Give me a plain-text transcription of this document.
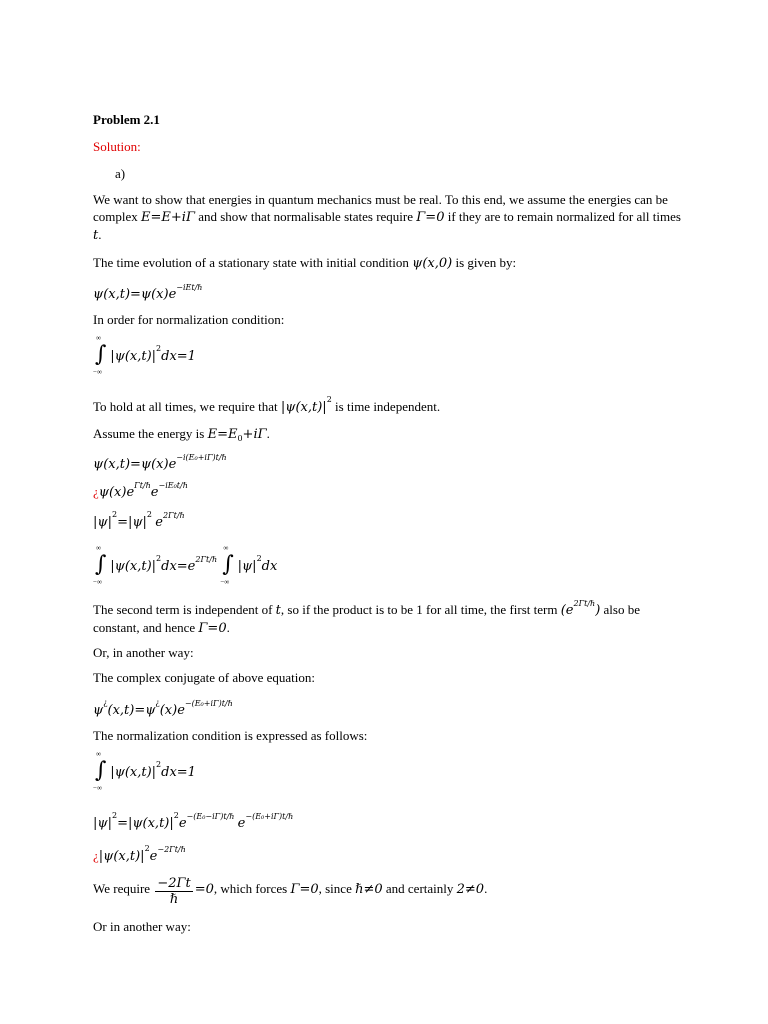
Problem 2.1

Solution:

a)

We want to show that energies in quantum mechanics must be real. To this end, we assume the energies can be complex E=E+iΓ and show that normalisable states require Γ=0 if they are to remain normalized for all times t.

The time evolution of a stationary state with initial condition ψ(x,0) is given by:

$\psi(x,t)=\psi(x)e^{-iEt/\hbar}$

In order for normalization condition:

∞
∫
−∞
$|\psi(x,t)|^2dx=1$

To hold at all times, we require that $|\psi(x,t)|^2$ is time independent.

Assume the energy is $E=E_0+i\Gamma$.

$\psi(x,t)=\psi(x)e^{-i(E_0+i\Gamma)t/\hbar}$

¿$\psi(x)e^{\Gamma t/\hbar}e^{-iE_0t/\hbar}$

$|\psi|^2=|\psi|^2$ $e^{2\Gamma t/\hbar}$

∞
∫
−∞
$|\psi(x,t)|^2dx=e^{2\Gamma t/\hbar}$
∞
∫
−∞
$|\psi|^2dx$

The second term is independent of t, so if the product is to be 1 for all time, the first term $(e^{2\Gamma t/\hbar})$ also be constant, and hence Γ=0.

Or, in another way:

The complex conjugate of above equation:

$\psi^¿(x,t)=\psi^¿(x)e^{-(E_0+i\Gamma)t/\hbar}$

The normalization condition is expressed as follows:

∞
∫
−∞
$|\psi(x,t)|^2dx=1$

$|\psi|^2=|\psi(x,t)|^2e^{-(E_0-i\Gamma)t/\hbar}$ $e^{-(E_0+i\Gamma)t/\hbar}$

¿$|\psi(x,t)|^2e^{-2\Gamma t/\hbar}$

We require $\frac{-2\Gamma t}{\text{ℏ}} =0$, which forces Γ=0, since ℏ≠0 and certainly 2≠0.

Or in another way:
